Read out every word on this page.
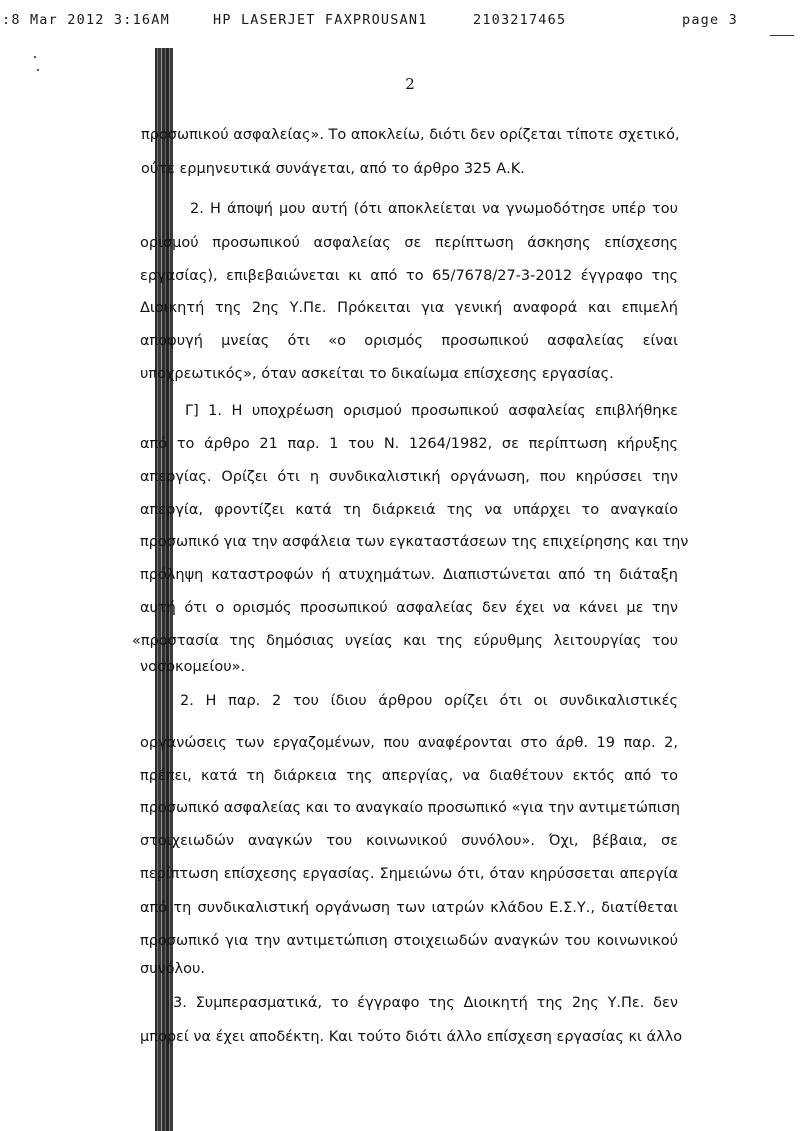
:8 Mar 2012 3:16AM	HP LASERJET FAXPROUSAN1	2103217465	page 3
2
προσωπικού ασφαλείας». Το αποκλείω, διότι δεν ορίζεται τίποτε σχετικό,
ούτε ερμηνευτικά συνάγεται, από το άρθρο 325 Α.Κ.
2. Η άποψή μου αυτή (ότι αποκλείεται να γνωμοδότησε υπέρ του
ορισμού προσωπικού ασφαλείας σε περίπτωση άσκησης επίσχεσης
εργασίας), επιβεβαιώνεται κι από το 65/7678/27-3-2012 έγγραφο της
Διοικητή της 2ης Υ.Πε. Πρόκειται για γενική αναφορά και επιμελή
αποφυγή μνείας ότι «ο ορισμός προσωπικού ασφαλείας είναι
υποχρεωτικός», όταν ασκείται το δικαίωμα επίσχεσης εργασίας.
Γ] 1. Η υποχρέωση ορισμού προσωπικού ασφαλείας επιβλήθηκε
από το άρθρο 21 παρ. 1 του Ν. 1264/1982, σε περίπτωση κήρυξης
απεργίας. Ορίζει ότι η συνδικαλιστική οργάνωση, που κηρύσσει την
απεργία, φροντίζει κατά τη διάρκειά της να υπάρχει το αναγκαίο
προσωπικό για την ασφάλεια των εγκαταστάσεων της επιχείρησης και την
πρόληψη καταστροφών ή ατυχημάτων. Διαπιστώνεται από τη διάταξη
αυτή ότι ο ορισμός προσωπικού ασφαλείας δεν έχει να κάνει με την
«προστασία της δημόσιας υγείας και της εύρυθμης λειτουργίας του
νοσοκομείου».
2. Η παρ. 2 του ίδιου άρθρου ορίζει ότι οι συνδικαλιστικές
οργανώσεις των εργαζομένων, που αναφέρονται στο άρθ. 19 παρ. 2,
πρέπει, κατά τη διάρκεια της απεργίας, να διαθέτουν εκτός από το
προσωπικό ασφαλείας και το αναγκαίο προσωπικό «για την αντιμετώπιση
στοιχειωδών αναγκών του κοινωνικού συνόλου». Όχι, βέβαια, σε
περίπτωση επίσχεσης εργασίας. Σημειώνω ότι, όταν κηρύσσεται απεργία
από τη συνδικαλιστική οργάνωση των ιατρών κλάδου Ε.Σ.Υ., διατίθεται
προσωπικό για την αντιμετώπιση στοιχειωδών αναγκών του κοινωνικού
συνόλου.
3. Συμπερασματικά, το έγγραφο της Διοικητή της 2ης Υ.Πε. δεν
μπορεί να έχει αποδέκτη. Και τούτο διότι άλλο επίσχεση εργασίας κι άλλο
